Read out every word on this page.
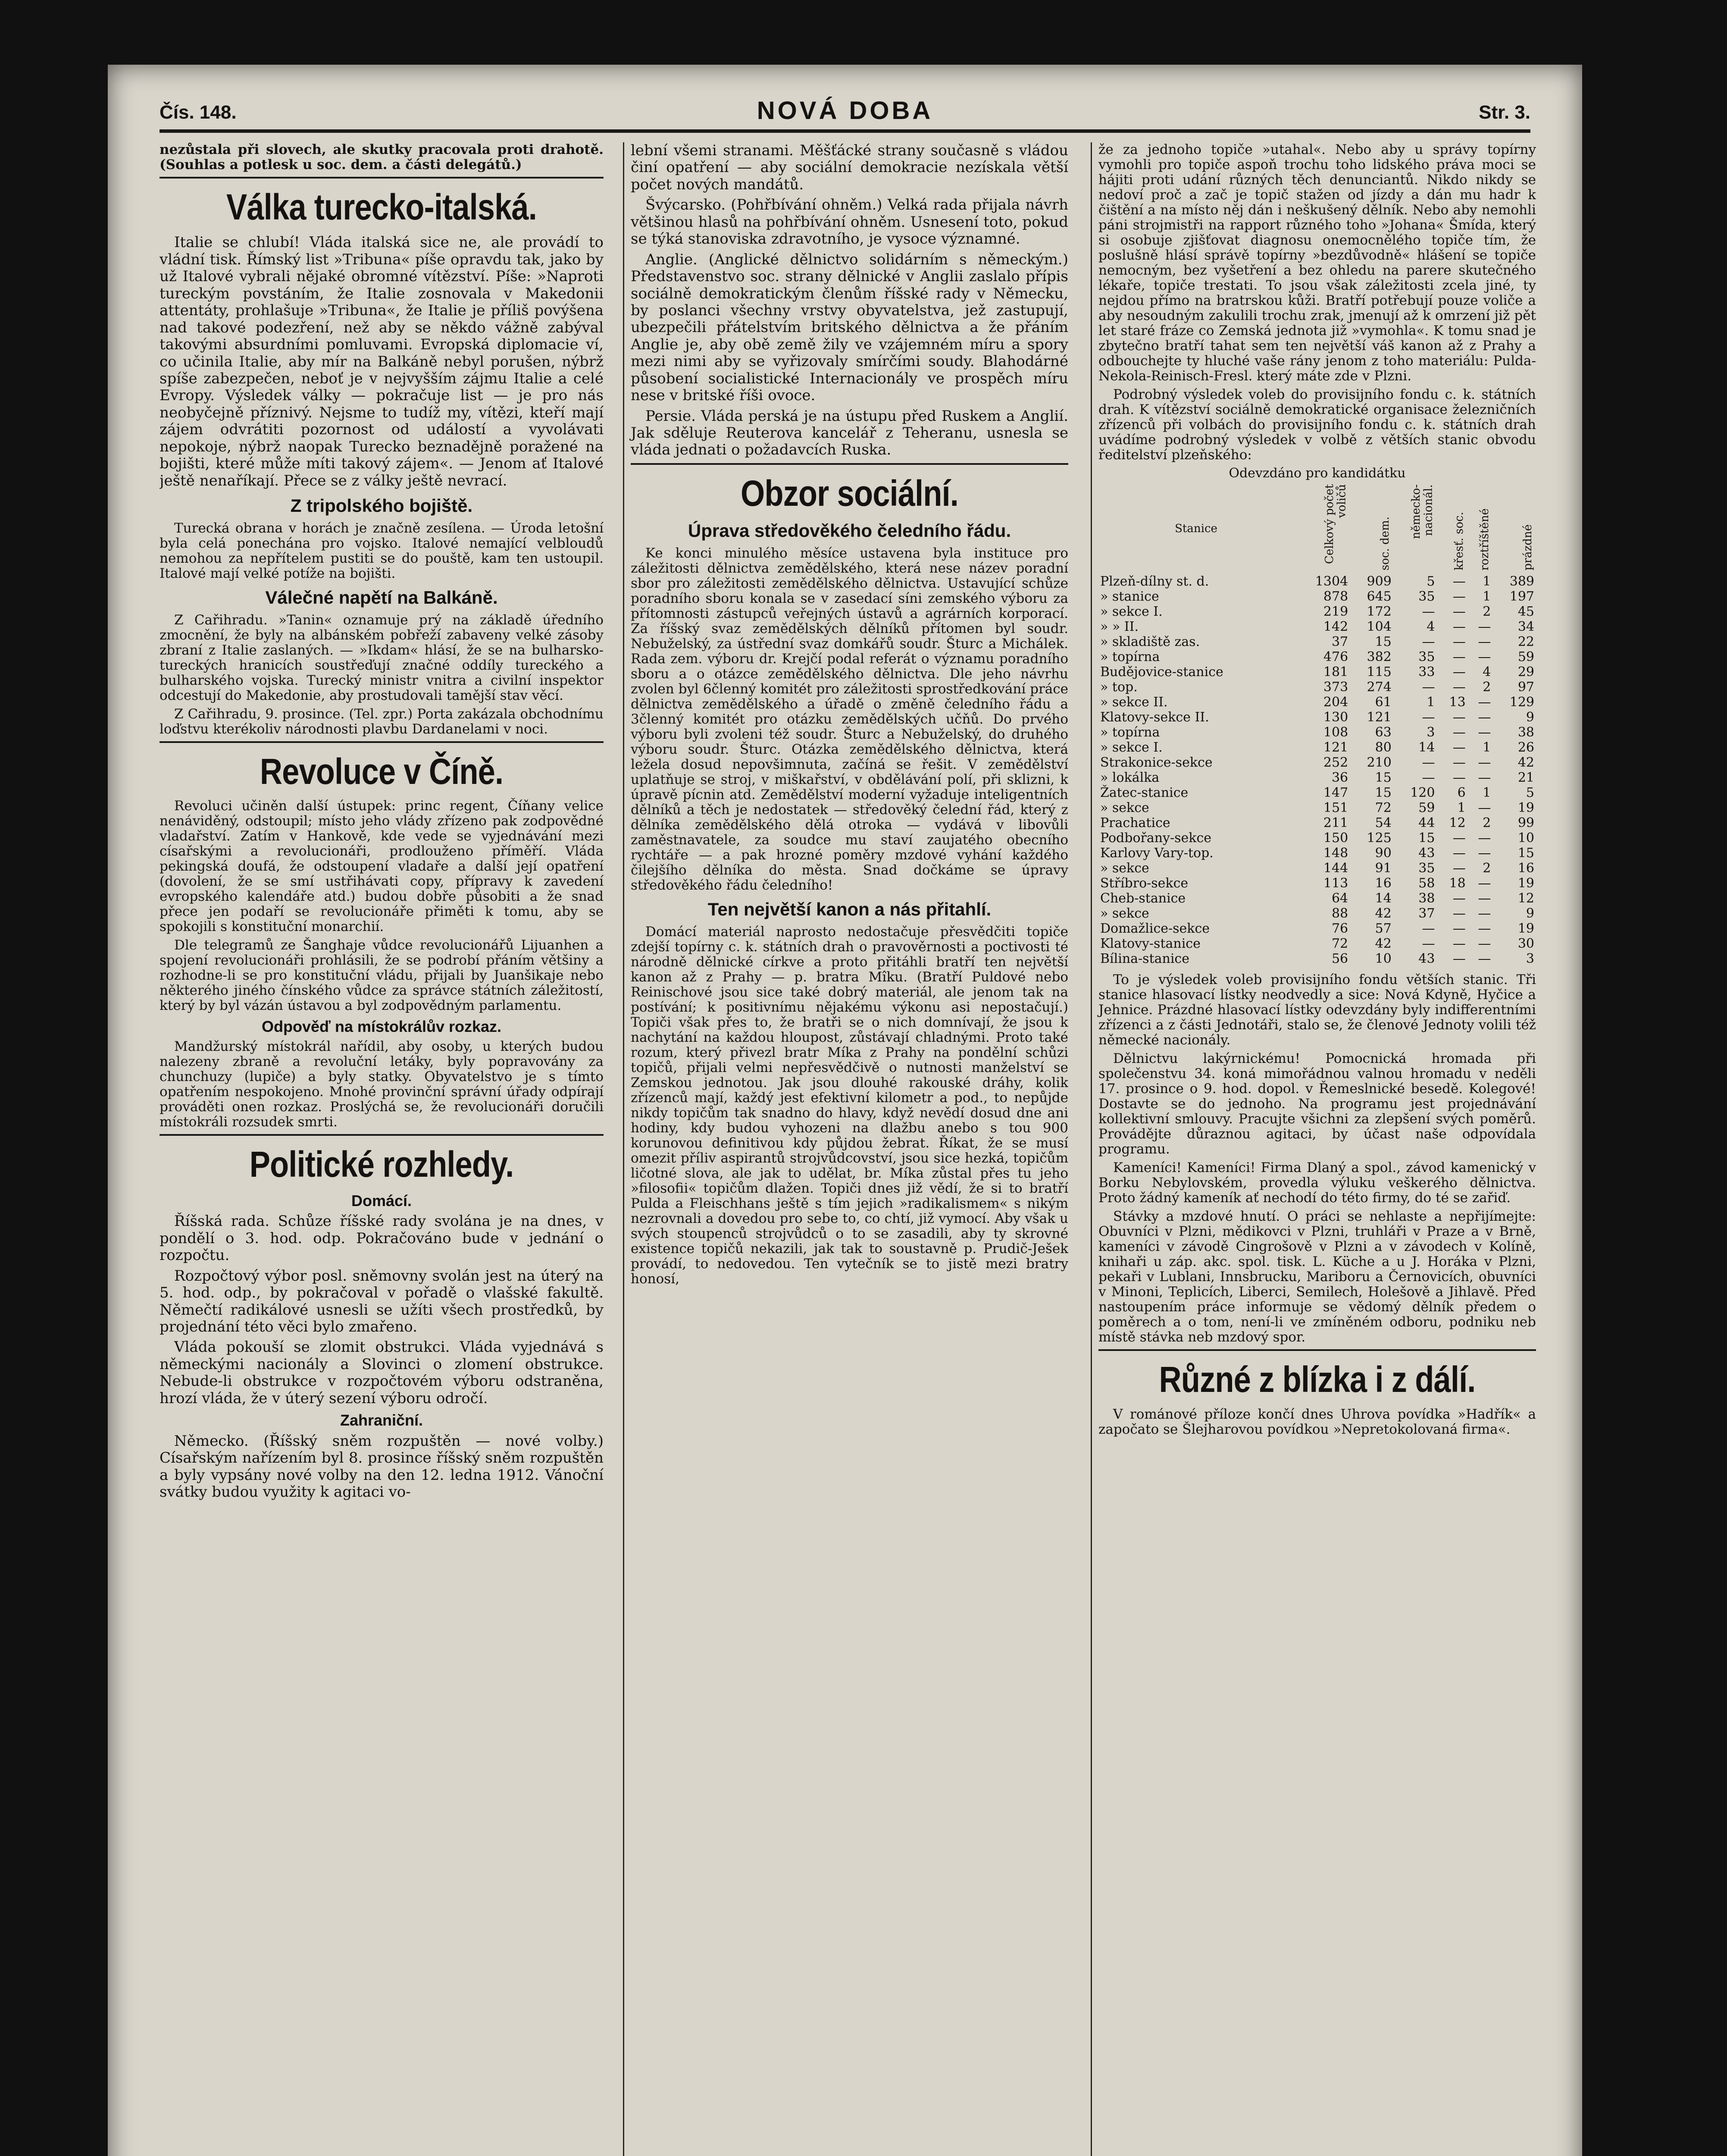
Čís. 148.	NOVÁ DOBA	Str. 3.

nezůstala při slovech, ale skutky pracovala proti drahotě. (Souhlas a potlesk u soc. dem. a části delegátů.)

Válka turecko-italská.

Italie se chlubí! Vláda italská sice ne, ale provádí to vládní tisk. Římský list »Tribuna« píše opravdu tak, jako by už Italové vybrali nějaké obromné vítězství. Píše: »Naproti tureckým povstáním, že Italie zosnovala v Makedonii attentáty, prohlašuje »Tribuna«, že Italie je příliš povýšena nad takové podezření, než aby se někdo vážně zabýval takovými absurdními pomluvami. Evropská diplomacie ví, co učinila Italie, aby mír na Balkáně nebyl porušen, nýbrž spíše zabezpečen, neboť je v nejvyšším zájmu Italie a celé Evropy. Výsledek války — pokračuje list — je pro nás neobyčejně příznivý. Nejsme to tudíž my, vítězi, kteří mají zájem odvrátiti pozornost od událostí a vyvolávati nepokoje, nýbrž naopak Turecko beznadějně poražené na bojišti, které může míti takový zájem«. — Jenom ať Italové ještě nenaříkají. Přece se z války ještě nevrací.

Z tripolského bojiště.

Turecká obrana v horách je značně zesílena. — Úroda letošní byla celá ponechána pro vojsko. Italové nemající velbloudů nemohou za nepřítelem pustiti se do pouště, kam ten ustoupil. Italové mají velké potíže na bojišti.

Válečné napětí na Balkáně.

Z Cařihradu. »Tanin« oznamuje prý na základě úředního zmocnění, že byly na albánském pobřeží zabaveny velké zásoby zbraní z Italie zaslaných. — »Ikdam« hlásí, že se na bulharsko-tureckých hranicích soustřeďují značné oddíly tureckého a bulharského vojska. Turecký ministr vnitra a civilní inspektor odcestují do Makedonie, aby prostudovali tamější stav věcí.

Z Cařihradu, 9. prosince. (Tel. zpr.) Porta zakázala obchodnímu loďstvu kterékoliv národnosti plavbu Dardanelami v noci.

Revoluce v Číně.

Revoluci učiněn další ústupek: princ regent, Číňany velice nenáviděný, odstoupil; místo jeho vlády zřízeno pak zodpovědné vladařství. Zatím v Hankově, kde vede se vyjednávání mezi císařskými a revolucionáři, prodlouženo příměří. Vláda pekingská doufá, že odstoupení vladaře a další její opatření (dovolení, že se smí ustřihávati copy, přípravy k zavedení evropského kalendáře atd.) budou dobře působiti a že snad přece jen podaří se revolucionáře přiměti k tomu, aby se spokojili s konstituční monarchií.

Dle telegramů ze Šanghaje vůdce revolucionářů Lijuanhen a spojení revolucionáři prohlásili, že se podrobí přáním většiny a rozhodne-li se pro konstituční vládu, přijali by Juanšikaje nebo některého jiného čínského vůdce za správce státních záležitostí, který by byl vázán ústavou a byl zodpovědným parlamentu.

Odpověď na místokrálův rozkaz.

Mandžurský místokrál nařídil, aby osoby, u kterých budou nalezeny zbraně a revoluční letáky, byly popravovány za chunchuzy (lupiče) a byly statky. Obyvatelstvo je s tímto opatřením nespokojeno. Mnohé provinční správní úřady odpírají prováděti onen rozkaz. Proslýchá se, že revolucionáři doručili místokráli rozsudek smrti.

Politické rozhledy.
Domácí.

Říšská rada. Schůze říšské rady svolána je na dnes, v pondělí o 3. hod. odp. Pokračováno bude v jednání o rozpočtu.

Rozpočtový výbor posl. sněmovny svolán jest na úterý na 5. hod. odp., by pokračoval v pořadě o vlašské fakultě. Němečtí radikálové usnesli se užíti všech prostředků, by projednání této věci bylo zmařeno.

Vláda pokouší se zlomit obstrukci. Vláda vyjednává s německými nacionály a Slovinci o zlomení obstrukce. Nebude-li obstrukce v rozpočtovém výboru odstraněna, hrozí vláda, že v úterý sezení výboru odročí.

Zahraniční.

Německo. (Říšský sněm rozpuštěn — nové volby.) Císařským nařízením byl 8. prosince říšský sněm rozpuštěn a byly vypsány nové volby na den 12. ledna 1912. Vánoční svátky budou využity k agitaci vo-

lební všemi stranami. Měšťácké strany současně s vládou činí opatření — aby sociální demokracie nezískala větší počet nových mandátů.

Švýcarsko. (Pohřbívání ohněm.) Velká rada přijala návrh většinou hlasů na pohřbívání ohněm. Usnesení toto, pokud se týká stanoviska zdravotního, je vysoce významné.

Anglie. (Anglické dělnictvo solidárním s německým.) Představenstvo soc. strany dělnické v Anglii zaslalo přípis sociálně demokratickým členům říšské rady v Německu, by poslanci všechny vrstvy obyvatelstva, jež zastupují, ubezpečili přátelstvím britského dělnictva a že přáním Anglie je, aby obě země žily ve vzájemném míru a spory mezi nimi aby se vyřizovaly smírčími soudy. Blahodárné působení socialistické Internacionály ve prospěch míru nese v britské říši ovoce.

Persie. Vláda perská je na ústupu před Ruskem a Anglií. Jak sděluje Reuterova kancelář z Teheranu, usnesla se vláda jednati o požadavcích Ruska.

Obzor sociální.
Úprava středověkého čeledního řádu.

Ke konci minulého měsíce ustavena byla instituce pro záležitosti dělnictva zemědělského, která nese název poradní sbor pro záležitosti zemědělského dělnictva. Ustavující schůze poradního sboru konala se v zasedací síni zemského výboru za přítomnosti zástupců veřejných ústavů a agrárních korporací. Za říšský svaz zemědělských dělníků přítomen byl soudr. Nebuželský, za ústřední svaz domkářů soudr. Šturc a Michálek. Rada zem. výboru dr. Krejčí podal referát o významu poradního sboru a o otázce zemědělského dělnictva. Dle jeho návrhu zvolen byl 6členný komitét pro záležitosti sprostředkování práce dělnictva zemědělského a úřadě o změně čeledního řádu a 3členný komitét pro otázku zemědělských učňů. Do prvého výboru byli zvoleni též soudr. Šturc a Nebuželský, do druhého výboru soudr. Šturc. Otázka zemědělského dělnictva, která ležela dosud nepovšimnuta, začíná se řešit. V zemědělství uplatňuje se stroj, v miškařství, v obdělávání polí, při sklizni, k úpravě pícnin atd. Zemědělství moderní vyžaduje inteligentních dělníků a těch je nedostatek — středověký čelední řád, který z dělníka zemědělského dělá otroka — vydává v libovůli zaměstnavatele, za soudce mu staví zaujatého obecního rychtáře — a pak hrozné poměry mzdové vyhání každého čilejšího dělníka do města. Snad dočkáme se úpravy středověkého řádu čeledního!

Ten největší kanon a nás přitahlí.

Domácí materiál naprosto nedostačuje přesvědčiti topiče zdejší topírny c. k. státních drah o pravověrnosti a poctivosti té národně dělnické církve a proto přitáhli bratří ten největší kanon až z Prahy — p. bratra Mîku. (Bratří Puldové nebo Reinischové jsou sice také dobrý materiál, ale jenom tak na postívání; k positivnímu nějakému výkonu asi nepostačují.) Topiči však přes to, že bratři se o nich domnívají, že jsou k nachytání na každou hloupost, zůstávají chladnými. Proto také rozum, který přivezl bratr Míka z Prahy na pondělní schůzi topičů, přijali velmi nepřesvědčivě o nutnosti manželství se Zemskou jednotou. Jak jsou dlouhé rakouské dráhy, kolik zřízenců mají, každý jest efektivní kilometr a pod., to nepůjde nikdy topičům tak snadno do hlavy, když nevědí dosud dne ani hodiny, kdy budou vyhozeni na dlažbu anebo s tou 900 korunovou definitivou kdy půjdou žebrat. Říkat, že se musí omezit příliv aspirantů strojvůdcovství, jsou sice hezká, topičům ličotné slova, ale jak to udělat, br. Míka zůstal přes tu jeho »filosofii« topičům dlažen. Topiči dnes již vědí, že si to bratří Pulda a Fleischhans ještě s tím jejich »radikalismem« s nikým nezrovnali a dovedou pro sebe to, co chtí, již vymocí. Aby však u svých stoupenců strojvůdců o to se zasadili, aby ty skrovné existence topičů nekazili, jak tak to soustavně p. Prudič-Ješek provádí, to nedovedou. Ten vytečník se to jistě mezi bratry honosí,

že za jednoho topiče »utahal«. Nebo aby u správy topírny vymohli pro topiče aspoň trochu toho lidského práva moci se hájiti proti udání různých těch denunciantů. Nikdo nikdy se nedoví proč a zač je topič stažen od jízdy a dán mu hadr k čištění a na místo něj dán i neškušený dělník. Nebo aby nemohli páni strojmistři na rapport různého toho »Johana« Šmída, který si osobuje zjišťovat diagnosu onemocnělého topiče tím, že poslušně hlásí správě topírny »bezdůvodně« hlášení se topiče nemocným, bez vyšetření a bez ohledu na parere skutečného lékaře, topiče trestati. To jsou však záležitosti zcela jiné, ty nejdou přímo na bratrskou kůži. Bratří potřebují pouze voliče a aby nesoudným zakulili trochu zrak, jmenují až k omrzení již pět let staré fráze co Zemská jednota již »vymohla«. K tomu snad je zbytečno bratří tahat sem ten největší váš kanon až z Prahy a odbouchejte ty hluché vaše rány jenom z toho materiálu: Pulda-Nekola-Reinisch-Fresl. který máte zde v Plzni.

Podrobný výsledek voleb do provisijního fondu c. k. státních drah. K vítězství sociálně demokratické organisace železničních zřízenců při volbách do provisijního fondu c. k. státních drah uvádíme podrobný výsledek v volbě z větších stanic obvodu ředitelství plzeňského:

Odevzdáno pro kandidátku
Stanice	Celkový počet voličů	soc. dem.	německo-nacionál.	křesť. soc.	roztříštěné	prázdné
Plzeň-dílny st. d.	1304	909	5	—	1	389
» stanice	878	645	35	—	1	197
» sekce I.	219	172	—	—	2	45
» » II.	142	104	4	—	—	34
» skladiště zas.	37	15	—	—	—	22
» topírna	476	382	35	—	—	59
Budějovice-stanice	181	115	33	—	4	29
» top.	373	274	—	—	2	97
» sekce II.	204	61	1	13	—	129
Klatovy-sekce II.	130	121	—	—	—	9
» topírna	108	63	3	—	—	38
» sekce I.	121	80	14	—	1	26
Strakonice-sekce	252	210	—	—	—	42
» lokálka	36	15	—	—	—	21
Žatec-stanice	147	15	120	6	1	5
» sekce	151	72	59	1	—	19
Prachatice	211	54	44	12	2	99
Podbořany-sekce	150	125	15	—	—	10
Karlovy Vary-top.	148	90	43	—	—	15
» sekce	144	91	35	—	2	16
Stříbro-sekce	113	16	58	18	—	19
Cheb-stanice	64	14	38	—	—	12
» sekce	88	42	37	—	—	9
Domažlice-sekce	76	57	—	—	—	19
Klatovy-stanice	72	42	—	—	—	30
Bílina-stanice	56	10	43	—	—	3

To je výsledek voleb provisijního fondu větších stanic. Tři stanice hlasovací lístky neodvedly a sice: Nová Kdyně, Hyčice a Jehnice. Prázdné hlasovací lístky odevzdány byly indifferentními zřízenci a z části Jednotáři, stalo se, že členové Jednoty volili též německé nacionály.

Dělnictvu lakýrnickému! Pomocnická hromada při společenstvu 34. koná mimořádnou valnou hromadu v neděli 17. prosince o 9. hod. dopol. v Řemeslnické besedě. Kolegové! Dostavte se do jednoho. Na programu jest projednávání kollektivní smlouvy. Pracujte všichni za zlepšení svých poměrů. Provádějte důraznou agitaci, by účast naše odpovídala programu.

Kameníci! Kameníci! Firma Dlaný a spol., závod kamenický v Borku Nebylovském, provedla výluku veškerého dělnictva. Proto žádný kameník ať nechodí do této firmy, do té se zařiď.

Stávky a mzdové hnutí. O práci se nehlaste a nepřijímejte: Obuvníci v Plzni, mědikovci v Plzni, truhláři v Praze a v Brně, kameníci v závodě Cingrošově v Plzni a v závodech v Kolíně, knihaři u záp. akc. spol. tisk. L. Küche a u J. Horáka v Plzni, pekaři v Lublani, Innsbrucku, Mariboru a Černovicích, obuvníci v Minoni, Teplicích, Liberci, Semilech, Holešově a Jihlavě. Před nastoupením práce informuje se vědomý dělník předem o poměrech a o tom, není-li ve zmíněném odboru, podniku neb místě stávka neb mzdový spor.

Různé z blízka i z dálí.

V románové příloze končí dnes Uhrova povídka »Hadřík« a započato se Šlejharovou povídkou »Nepretokolovaná firma«.
